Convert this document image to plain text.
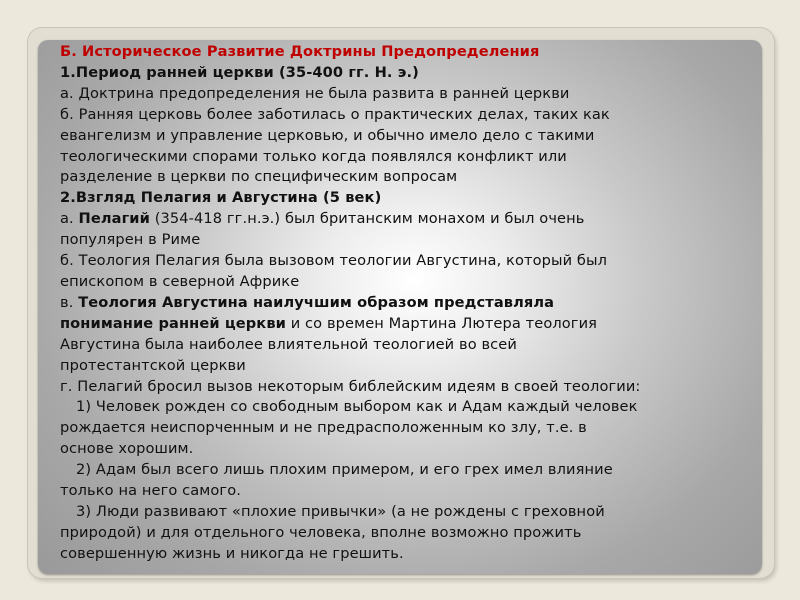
Б. Историческое Развитие Доктрины Предопределения
1.Период ранней церкви (35-400 гг. Н. э.)
а. Доктрина предопределения не была развита в ранней церкви
б. Ранняя церковь более заботилась о практических делах, таких как
евангелизм и управление церковью, и обычно имело дело с такими
теологическими спорами только когда появлялся конфликт или
разделение в церкви по специфическим вопросам
2.Взгляд Пелагия и Августина (5 век)
а. Пелагий (354-418 гг.н.э.) был британским монахом и был очень
популярен в Риме
б. Теология Пелагия была вызовом теологии Августина, который был
епископом в северной Африке
в. Теология Августина наилучшим образом представляла
понимание ранней церкви и со времен Мартина Лютера теология
Августина была наиболее влиятельной теологией во всей
протестантской церкви
г. Пелагий бросил вызов некоторым библейским идеям в своей теологии:
1) Человек рожден со свободным выбором как и Адам каждый человек
рождается неиспорченным и не предрасположенным ко злу, т.е. в
основе хорошим.
2) Адам был всего лишь плохим примером, и его грех имел влияние
только на него самого.
3) Люди развивают «плохие привычки» (а не рождены с греховной
природой) и для отдельного человека, вполне возможно прожить
совершенную жизнь и никогда не грешить.
